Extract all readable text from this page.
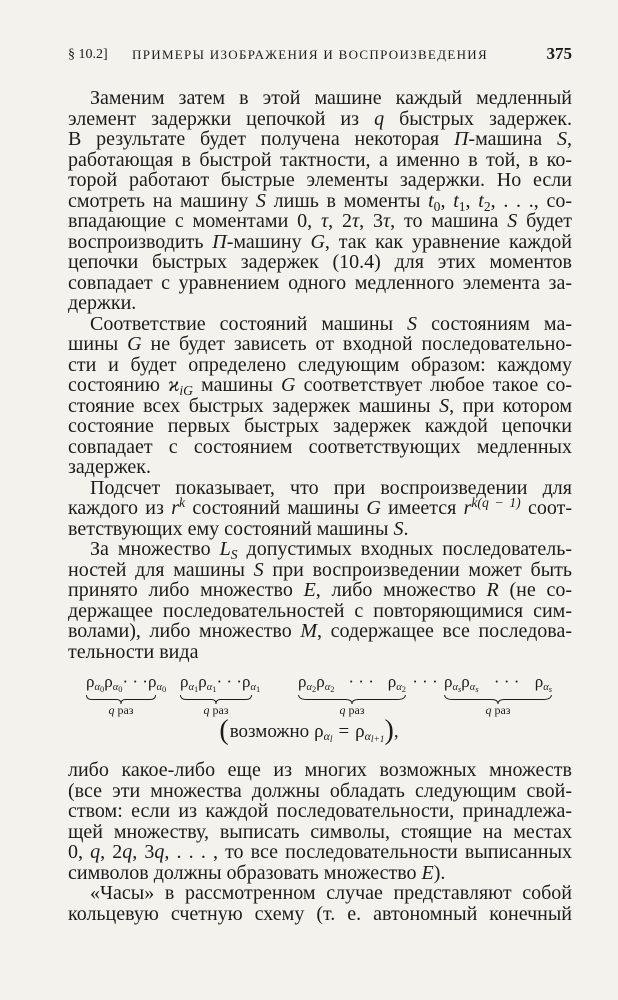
§ 10.2]	ПРИМЕРЫ ИЗОБРАЖЕНИЯ И ВОСПРОИЗВЕДЕНИЯ	375
Заменим затем в этой машине каждый медленный
элемент задержки цепочкой из q быстрых задержек.
В результате будет получена некоторая П-машина S,
работающая в быстрой тактности, а именно в той, в ко-
торой работают быстрые элементы задержки. Но если
смотреть на машину S лишь в моменты $t_0$, $t_1$, $t_2$, . . ., со-
впадающие с моментами 0, τ, 2τ, 3τ, то машина S будет
воспроизводить П-машину G, так как уравнение каждой
цепочки быстрых задержек (10.4) для этих моментов
совпадает с уравнением одного медленного элемента за-
держки.
Соответствие состояний машины S состояниям ма-
шины G не будет зависеть от входной последовательно-
сти и будет определено следующим образом: каждому
состоянию $ϰ_{iG}$ машины G соответствует любое такое со-
стояние всех быстрых задержек машины S, при котором
состояние первых быстрых задержек каждой цепочки
совпадает с состоянием соответствующих медленных
задержек.
Подсчет показывает, что при воспроизведении для
каждого из $r^k$ состояний машины G имеется $r^{k(q - 1)}$ соот-
ветствующих ему состояний машины S.
За множество $L_S$ допустимых входных последователь-
ностей для машины S при воспроизведении может быть
принято либо множество E, либо множество R (не со-
держащее последовательностей с повторяющимися сим-
волами), либо множество M, содержащее все последова-
тельности вида
ρα0ρα0 · · · ρα0
q раз
ρα1ρα1 · · · ρα1
q раз
ρα2ρα2 · · · ρα2
q раз
· · · ραsραs · · · ραs
q раз
( возможно ραl = ραl+1 ) ,
либо какое-либо еще из многих возможных множеств
(все эти множества должны обладать следующим свой-
ством: если из каждой последовательности, принадлежа-
щей множеству, выписать символы, стоящие на местах
0, q, 2q, 3q, . . . , то все последовательности выписанных
символов должны образовать множество E).
«Часы» в рассмотренном случае представляют собой
кольцевую счетную схему (т. е. автономный конечный
